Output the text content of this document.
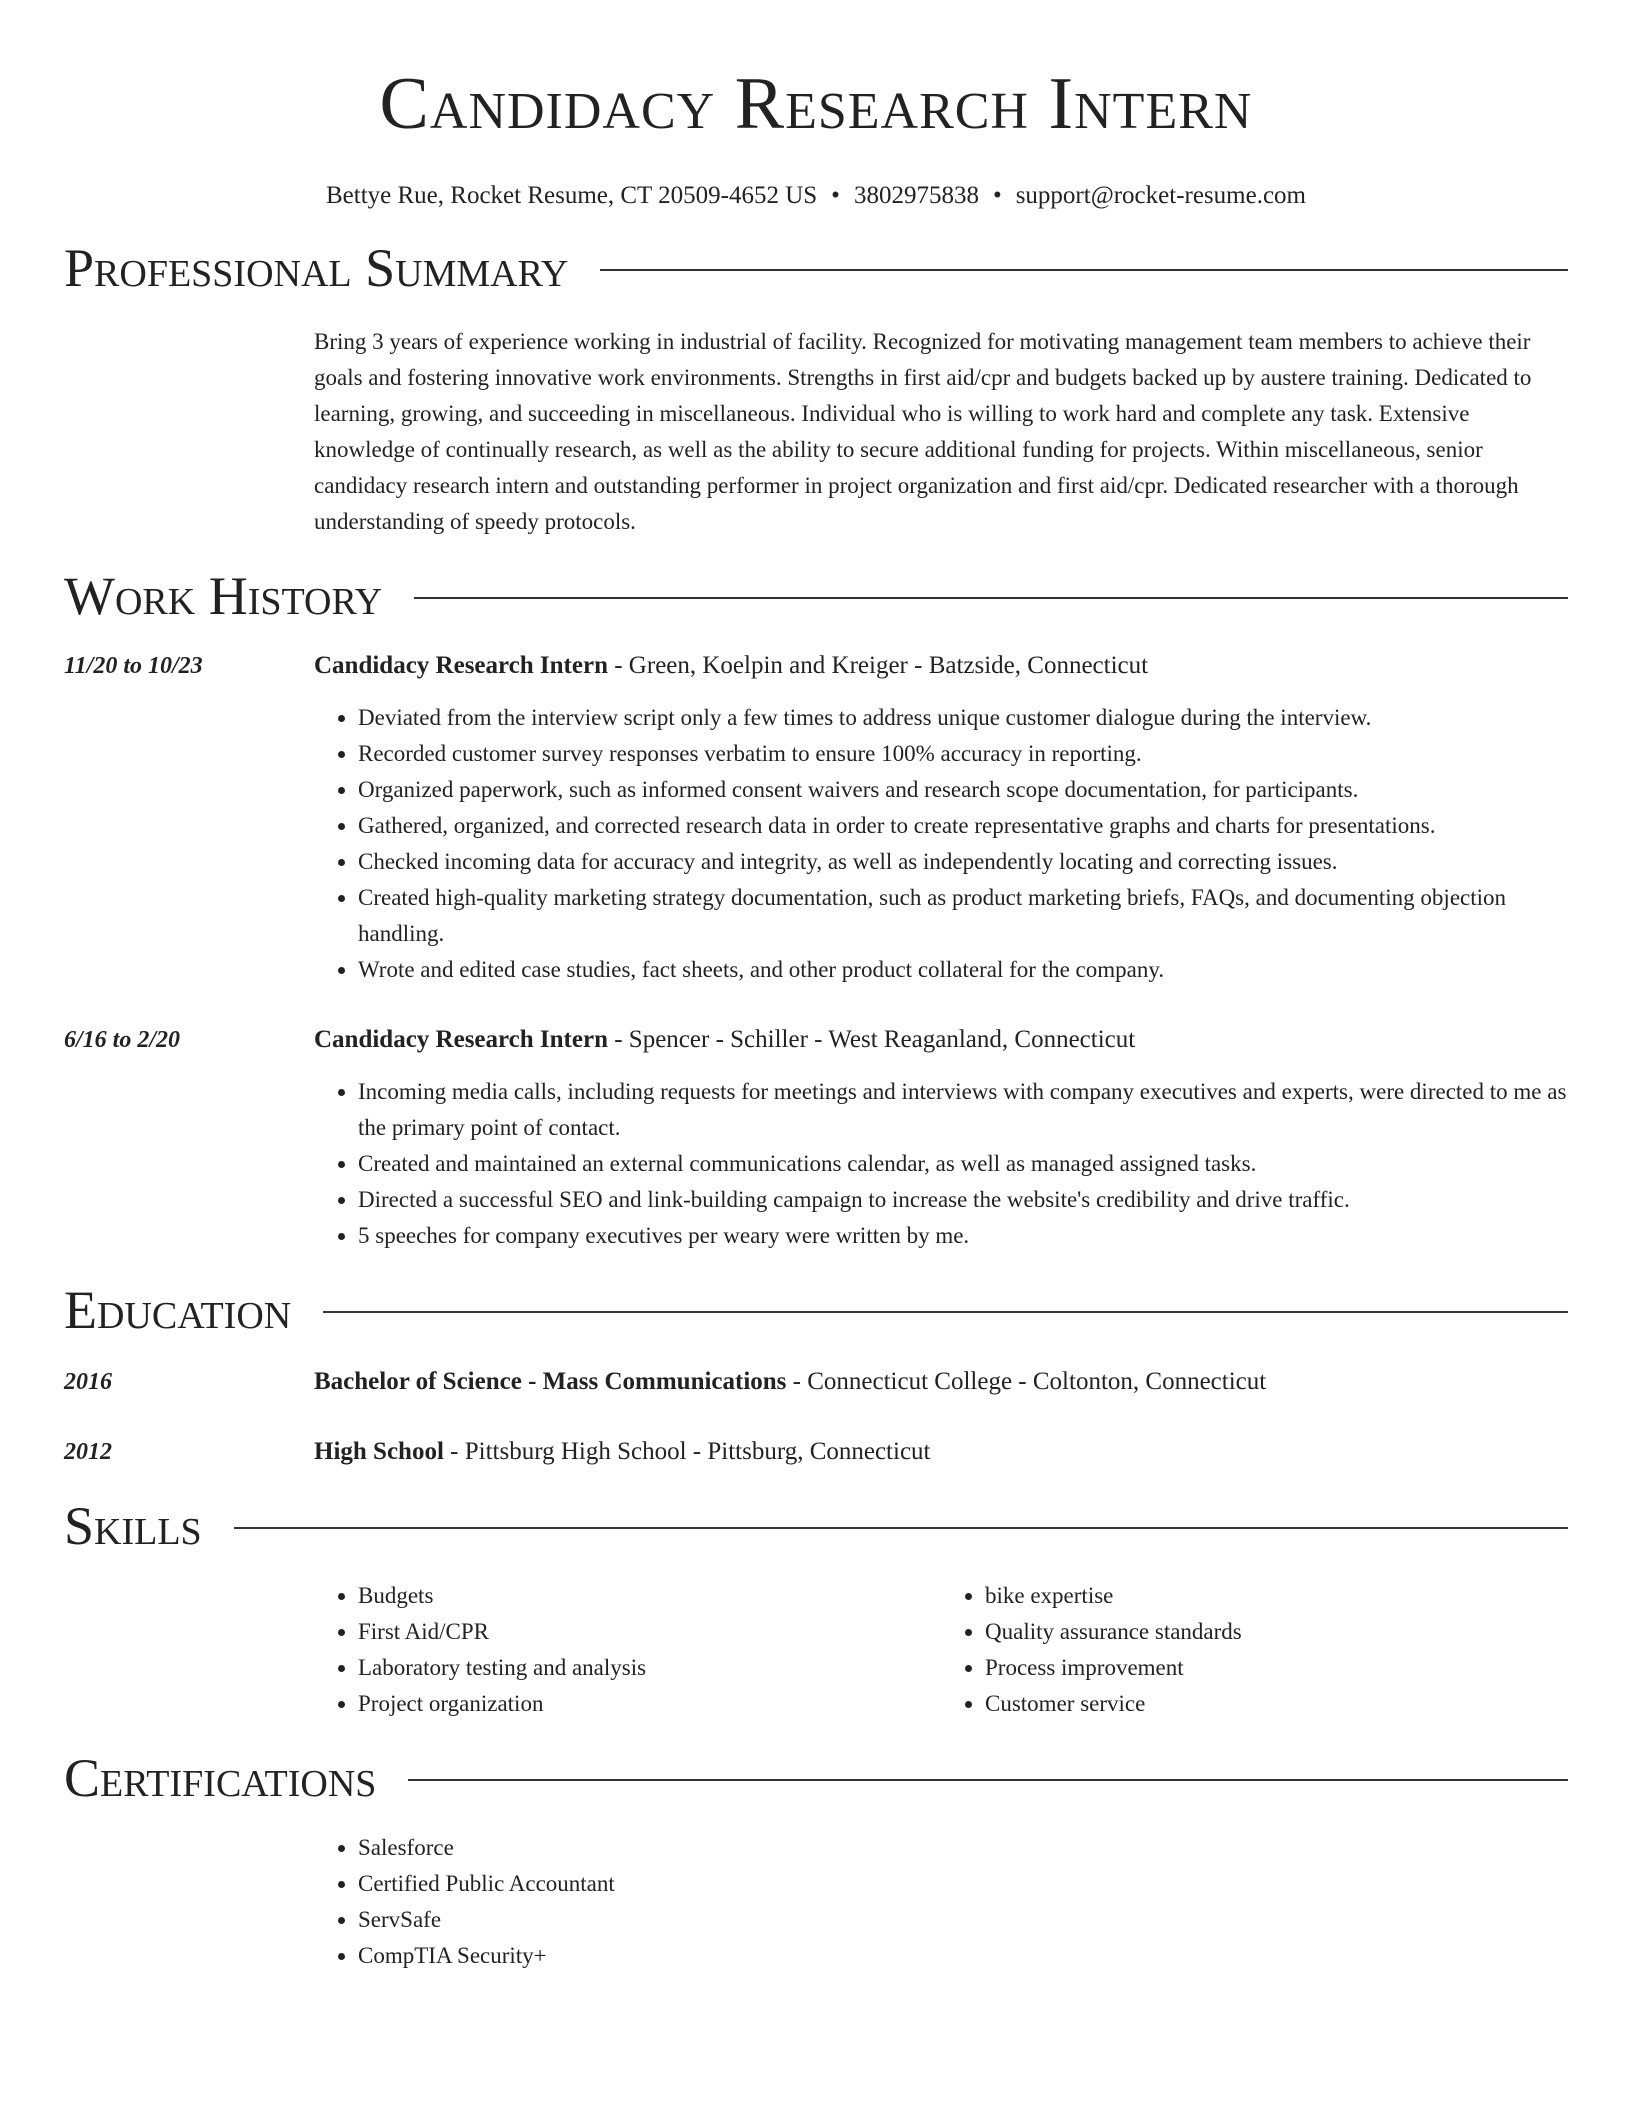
Candidacy Research Intern
Bettye Rue, Rocket Resume, CT 20509-4652 US • 3802975838 • support@rocket-resume.com
Professional Summary
Bring 3 years of experience working in industrial of facility. Recognized for motivating management team members to achieve their goals and fostering innovative work environments. Strengths in first aid/cpr and budgets backed up by austere training. Dedicated to learning, growing, and succeeding in miscellaneous. Individual who is willing to work hard and complete any task. Extensive knowledge of continually research, as well as the ability to secure additional funding for projects. Within miscellaneous, senior candidacy research intern and outstanding performer in project organization and first aid/cpr. Dedicated researcher with a thorough understanding of speedy protocols.
Work History
11/20 to 10/23	Candidacy Research Intern - Green, Koelpin and Kreiger - Batzside, Connecticut
• Deviated from the interview script only a few times to address unique customer dialogue during the interview.
• Recorded customer survey responses verbatim to ensure 100% accuracy in reporting.
• Organized paperwork, such as informed consent waivers and research scope documentation, for participants.
• Gathered, organized, and corrected research data in order to create representative graphs and charts for presentations.
• Checked incoming data for accuracy and integrity, as well as independently locating and correcting issues.
• Created high-quality marketing strategy documentation, such as product marketing briefs, FAQs, and documenting objection handling.
• Wrote and edited case studies, fact sheets, and other product collateral for the company.
6/16 to 2/20	Candidacy Research Intern - Spencer - Schiller - West Reaganland, Connecticut
• Incoming media calls, including requests for meetings and interviews with company executives and experts, were directed to me as the primary point of contact.
• Created and maintained an external communications calendar, as well as managed assigned tasks.
• Directed a successful SEO and link-building campaign to increase the website's credibility and drive traffic.
• 5 speeches for company executives per weary were written by me.
Education
2016	Bachelor of Science - Mass Communications - Connecticut College - Coltonton, Connecticut
2012	High School - Pittsburg High School - Pittsburg, Connecticut
Skills
• Budgets
• First Aid/CPR
• Laboratory testing and analysis
• Project organization
• bike expertise
• Quality assurance standards
• Process improvement
• Customer service
Certifications
• Salesforce
• Certified Public Accountant
• ServSafe
• CompTIA Security+
